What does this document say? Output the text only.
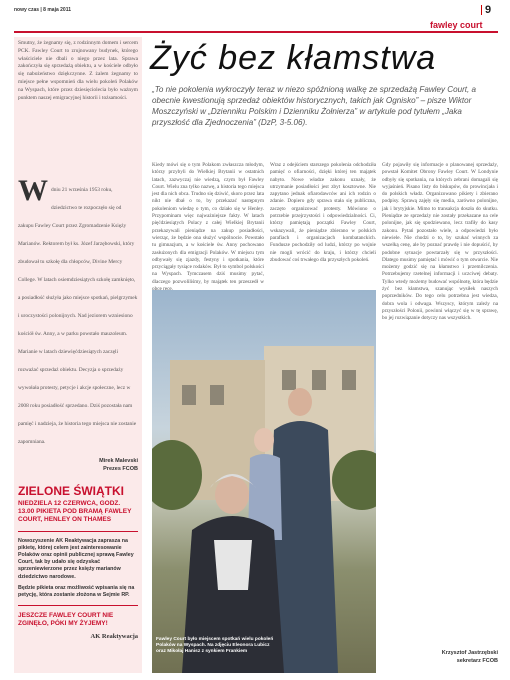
nowy czas | 8 maja 2011	9
fawley court
Smutny, że żegnamy się, z rodzinnym domem i sercem PCK. Fawley Court to zrujnowany budynek, którego właściciele nie dbali o niego przez lata. Sprawa zakończyła się sprzedażą obiektu, a w kościele odbyło się nabożeństwo dziękczynne. Z żalem żegnamy to miejsce pełne wspomnień dla wielu pokoleń Polaków na Wyspach, które przez dziesięciolecia było ważnym punktem naszej emigracyjnej historii i tożsamości.
W dniu 21 września 1953 roku, dziedzictwo te rozpoczęło się od zakupu Fawley Court przez Zgromadzenie Księży Marianów. Rektorem był ks. Józef Jarzębowski, który zbudował tu szkołę dla chłopców, Divine Mercy College. W latach osiemdziesiątych szkołę zamknięto, a posiadłość służyła jako miejsce spotkań, pielgrzymek i uroczystości polonijnych. Nad jeziorem wzniesiono kościół św. Anny, a w parku powstało mauzoleum. Marianie w latach dziewięćdziesiątych zaczęli rozważać sprzedaż obiektu. Decyzja o sprzedaży wywołała protesty, petycje i akcje społeczne, lecz w 2008 roku posiadłość sprzedano. Dziś pozostała nam pamięć i nadzieja, że historia tego miejsca nie zostanie zapomniana.
Mirek Malevski
Prezes FCOB
ZIELONE ŚWIĄTKI
NIEDZIELA 12 CZERWCA, GODZ. 13.00 PIKIETA POD BRAMĄ FAWLEY COURT, HENLEY ON THAMES
Nowozyszenie AK Reaktywacja zaprasza na pikietę, której celem jest zainteresowanie Polaków oraz opinii publicznej sprawą Fawley Court, tak by udało się odzyskać sprzeniewierzone przez księży marianów dziedzictwo narodowe.
Będzie pikieta oraz możliwość wpisania się na petycję, która zostanie złożona w Sejmie RP.
JESZCZE FAWLEY COURT NIE ZGINĘŁO, PÓKI MY ŻYJEMY!
AK Reaktywacja
Żyć bez kłamstwa
„To nie pokolenia wykroczyły teraz w niezo spóźnioną walkę ze sprzedażą Fawley Court, a obecnie kwestionują sprzedaż obiektów historycznych, takich jak Ognisko” – pisze Wiktor Moszczyński w „Dzienniku Polskim i Dzienniku Żołnierza” w artykule pod tytułem „Jaka przyszłość dla Zjednoczenia” (DzP, 3-5.06).
Kiedy mówi się o tym Polakom zwłaszcza młodym, którzy przybyli do Wielkiej Brytanii w ostatnich latach, zazwyczaj nie wiedzą, czym był Fawley Court. Wielu zna tylko nazwę, a historia tego miejsca jest dla nich obca. Trudno się dziwić, skoro przez lata nikt nie dbał o to, by przekazać następnym pokoleniom wiedzę o tym, co działo się w Henley. Przypominam więc najważniejsze fakty. W latach pięćdziesiątych Polacy z całej Wielkiej Brytanii przekazywali pieniądze na zakup posiadłości, wierząc, że będzie ona służyć wspólnocie. Powstało tu gimnazjum, a w kościele św. Anny pochowano zasłużonych dla emigracji Polaków. W miejscu tym odbywały się zjazdy, festyny i spotkania, które przyciągały tysiące rodaków. Był to symbol polskości na Wyspach. Tymczasem dziś musimy pytać, dlaczego pozwoliliśmy, by majątek ten przeszedł w
Wraz z odejściem starszego pokolenia odchodziła pamięć o ofiarności, dzięki której ten majątek nabyto. Nowe władze zakonu uznały, że utrzymanie posiadłości jest zbyt kosztowne. Nie zapytano jednak ofiarodawców ani ich rodzin o zdanie. Dopiero gdy sprawa stała się publiczna, zaczęto organizować protesty. Mówiono o potrzebie przejrzystości i odpowiedzialności. Ci, którzy pamiętają początki Fawley Court, wskazywali, że pieniądze zbierano w polskich parafiach i organizacjach kombatanckich. Fundusze pochodziły od ludzi, którzy po wojnie nie mogli wrócić do kraju, i którzy chcieli zbudować coś trwałego dla przyszłych pokoleń.
Gdy pojawiły się informacje o planowanej sprzedaży, powstał Komitet Obrony Fawley Court. W Londynie odbyły się spotkania, na których zebrani domagali się wyjaśnień. Pisano listy do biskupów, do prowincjała i do polskich władz. Organizowano pikiety i zbierano podpisy. Sprawą zajęły się media, zarówno polonijne, jak i brytyjskie. Mimo to transakcja doszła do skutku. Pieniądze ze sprzedaży nie zostały przekazane na cele polonijne, jak się spodziewano, lecz trafiły do kasy zakonu. Pytań pozostało wiele, a odpowiedzi było niewiele. Nie chodzi o to, by szukać winnych za wszelką cenę, ale by poznać prawdę i nie dopuścić, by podobne sytuacje powtarzały się w przyszłości. Dlatego musimy pamiętać i mówić o tym otwarcie. Nie możemy godzić się na kłamstwo i przemilczenia. Potrzebujemy rzetelnej informacji i uczciwej debaty. Tylko wtedy możemy budować wspólnotę, która będzie żyć bez kłamstwa, szanując wysiłek naszych poprzedników. Do tego celu potrzebna jest wiedza, dobra wola i odwaga. Wszyscy, którym zależy na przyszłości Polonii, powinni włączyć się w tę sprawę, bo jej rozwiązanie dotyczy nas wszystkich.
Fawley Court było miejscem spotkań wielu pokoleń Polaków na Wyspach. Na zdjęciu Eleonora Lubicz oraz Mikołaj Hanisz z synkiem Frankiem	Krzysztof Jastrzębski
sekretarz FCOB
